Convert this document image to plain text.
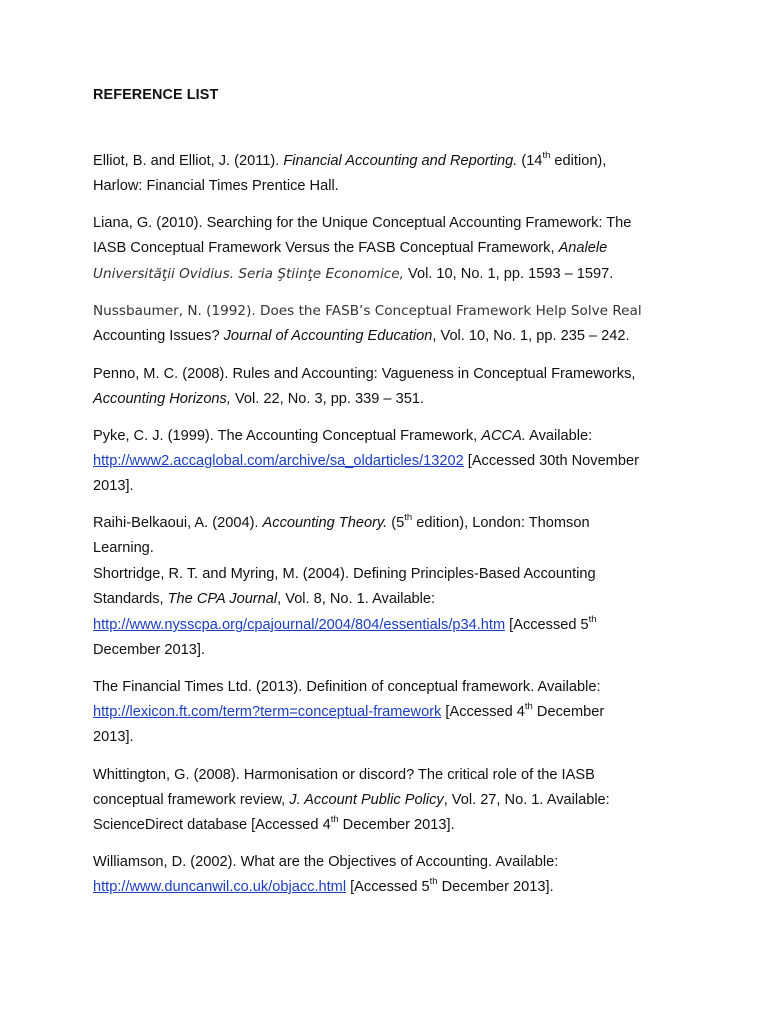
REFERENCE LIST
Elliot, B. and Elliot, J. (2011). Financial Accounting and Reporting. (14th edition),
Harlow: Financial Times Prentice Hall.
Liana, G. (2010). Searching for the Unique Conceptual Accounting Framework: The
IASB Conceptual Framework Versus the FASB Conceptual Framework, Analele
Universităţii Ovidius. Seria Ştiinţe Economice, Vol. 10, No. 1, pp. 1593 – 1597.
Nussbaumer, N. (1992). Does the FASB’s Conceptual Framework Help Solve Real
Accounting Issues? Journal of Accounting Education, Vol. 10, No. 1, pp. 235 – 242.
Penno, M. C. (2008). Rules and Accounting: Vagueness in Conceptual Frameworks,
Accounting Horizons, Vol. 22, No. 3, pp. 339 – 351.
Pyke, C. J. (1999). The Accounting Conceptual Framework, ACCA. Available:
http://www2.accaglobal.com/archive/sa_oldarticles/13202 [Accessed 30th November
2013].
Raihi-Belkaoui, A. (2004). Accounting Theory. (5th edition), London: Thomson
Learning.
Shortridge, R. T. and Myring, M. (2004). Defining Principles-Based Accounting
Standards, The CPA Journal, Vol. 8, No. 1. Available:
http://www.nysscpa.org/cpajournal/2004/804/essentials/p34.htm [Accessed 5th
December 2013].
The Financial Times Ltd. (2013). Definition of conceptual framework. Available:
http://lexicon.ft.com/term?term=conceptual-framework [Accessed 4th December
2013].
Whittington, G. (2008). Harmonisation or discord? The critical role of the IASB
conceptual framework review, J. Account Public Policy, Vol. 27, No. 1. Available:
ScienceDirect database [Accessed 4th December 2013].
Williamson, D. (2002). What are the Objectives of Accounting. Available:
http://www.duncanwil.co.uk/objacc.html [Accessed 5th December 2013].
